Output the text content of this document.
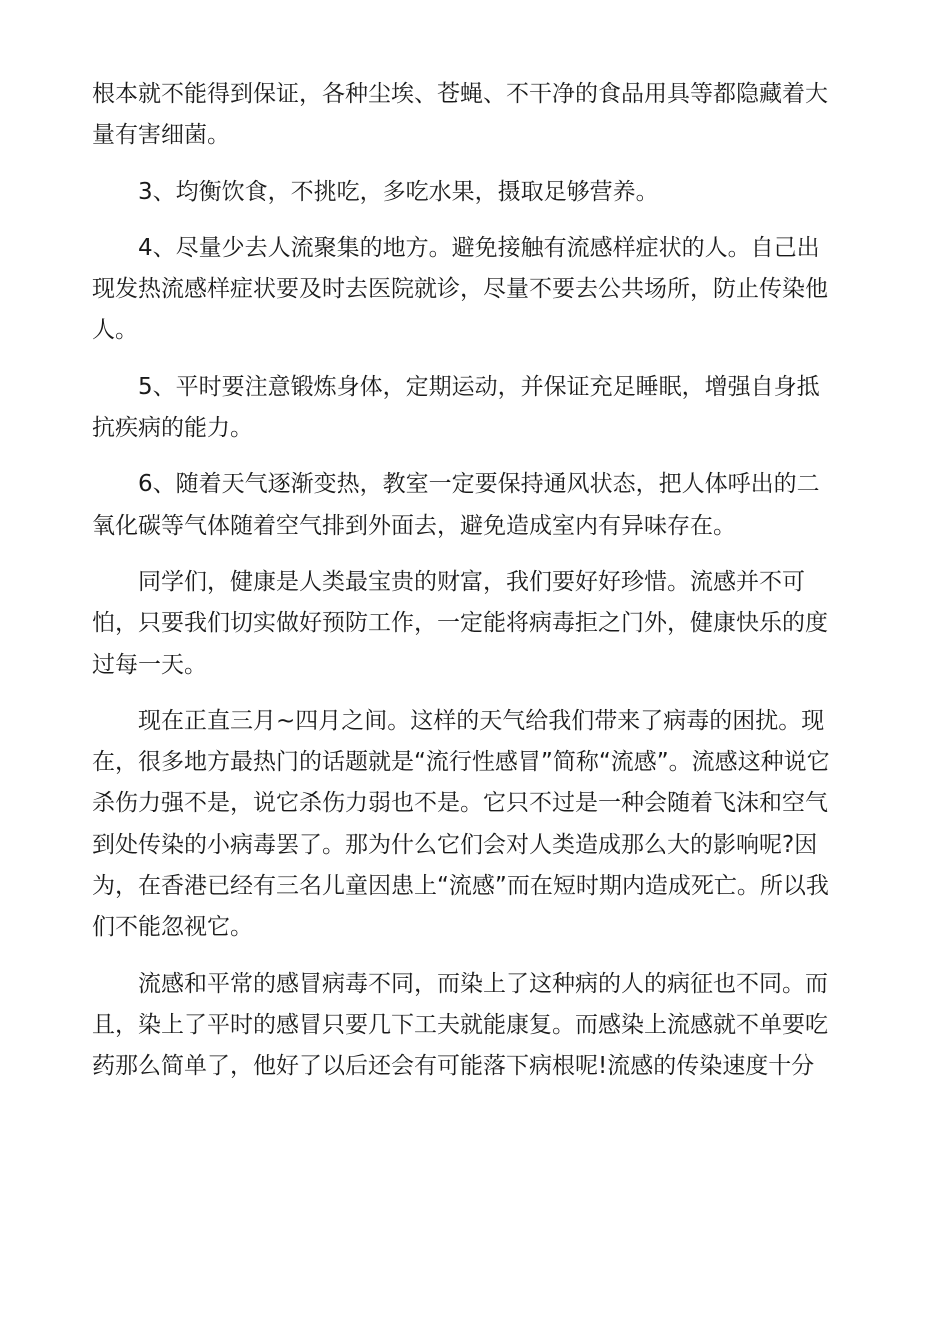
根本就不能得到保证，各种尘埃、苍蝇、不干净的食品用具等都隐藏着大
量有害细菌。
3、均衡饮食，不挑吃，多吃水果，摄取足够营养。
4、尽量少去人流聚集的地方。避免接触有流感样症状的人。自己出
现发热流感样症状要及时去医院就诊，尽量不要去公共场所，防止传染他
人。
5、平时要注意锻炼身体，定期运动，并保证充足睡眠，增强自身抵
抗疾病的能力。
6、随着天气逐渐变热，教室一定要保持通风状态，把人体呼出的二
氧化碳等气体随着空气排到外面去，避免造成室内有异味存在。
同学们，健康是人类最宝贵的财富，我们要好好珍惜。流感并不可
怕，只要我们切实做好预防工作，一定能将病毒拒之门外，健康快乐的度
过每一天。
现在正直三月~四月之间。这样的天气给我们带来了病毒的困扰。现
在，很多地方最热门的话题就是“流行性感冒”简称“流感”。流感这种说它
杀伤力强不是，说它杀伤力弱也不是。它只不过是一种会随着飞沫和空气
到处传染的小病毒罢了。那为什么它们会对人类造成那么大的影响呢?因
为，在香港已经有三名儿童因患上“流感”而在短时期内造成死亡。所以我
们不能忽视它。
流感和平常的感冒病毒不同，而染上了这种病的人的病征也不同。而
且，染上了平时的感冒只要几下工夫就能康复。而感染上流感就不单要吃
药那么简单了，他好了以后还会有可能落下病根呢!流感的传染速度十分
